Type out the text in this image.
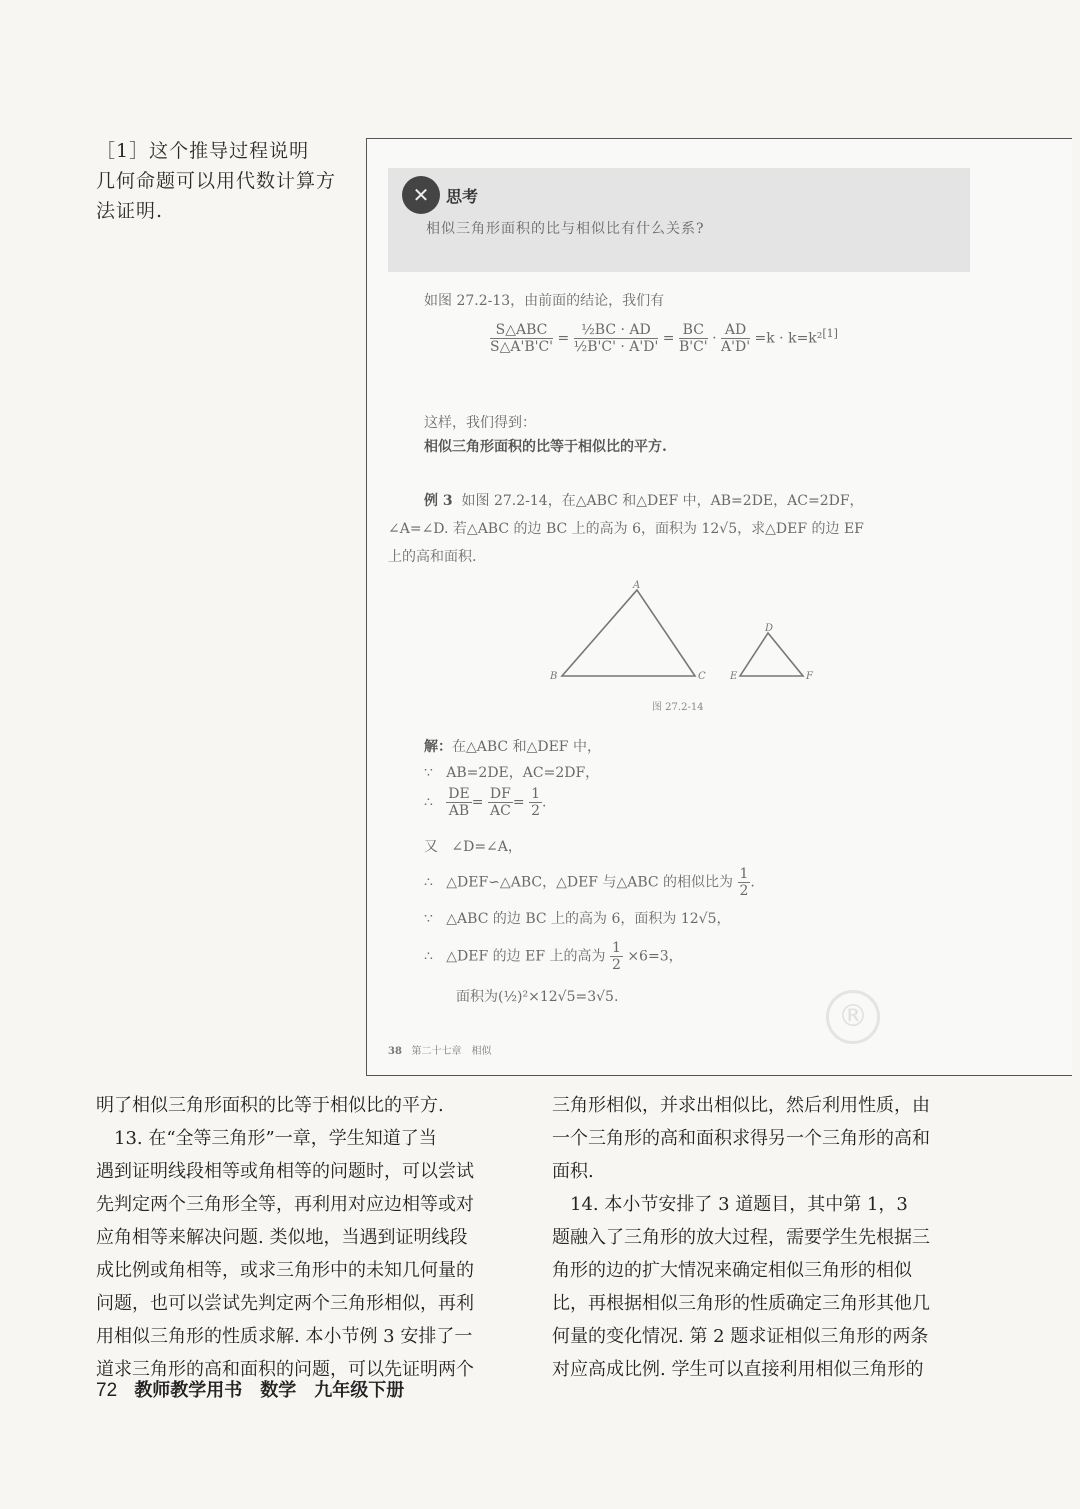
［1］这个推导过程说明
几何命题可以用代数计算方
法证明.
✕	思考
相似三角形面积的比与相似比有什么关系?
如图 27.2-13，由前面的结论，我们有
$\frac{\text{S△ABC}}{S\triangle A'B'C'} = \frac{\text{½BC · AD}}{\text{½B'C' · A'D'}} = \frac{BC}{B'C'} \cdot \frac{AD}{A'D'} =k \cdot k=k^2[1]$
这样，我们得到：
相似三角形面积的比等于相似比的平方.
例 3 如图 27.2-14，在△ABC 和△DEF 中，AB=2DE，AC=2DF，
∠A=∠D. 若△ABC 的边 BC 上的高为 6，面积为 12√5，求△DEF 的边 EF
上的高和面积.
A
B	C
D
E	F
图 27.2-14
解：在△ABC 和△DEF 中，
∵ AB=2DE，AC=2DF，
∴ $\frac{DE}{AB} = \frac{DF}{AC} = \frac{1}{2}$ .
又 ∠D=∠A，
∴ △DEF∽△ABC，△DEF 与△ABC 的相似比为 $\frac{1}{2}$ .
∵ △ABC 的边 BC 上的高为 6，面积为 12√5，
∴ △DEF 的边 EF 上的高为 $\frac{1}{2} \times 6=3$，
面积为(½)²×12√5=3√5.
38 第二十七章　相似
®
明了相似三角形面积的比等于相似比的平方.
　13. 在“全等三角形”一章，学生知道了当
遇到证明线段相等或角相等的问题时，可以尝试
先判定两个三角形全等，再利用对应边相等或对
应角相等来解决问题. 类似地，当遇到证明线段
成比例或角相等，或求三角形中的未知几何量的
问题，也可以尝试先判定两个三角形相似，再利
用相似三角形的性质求解. 本小节例 3 安排了一
道求三角形的高和面积的问题，可以先证明两个
三角形相似，并求出相似比，然后利用性质，由
一个三角形的高和面积求得另一个三角形的高和
面积.
　14. 本小节安排了 3 道题目，其中第 1，3
题融入了三角形的放大过程，需要学生先根据三
角形的边的扩大情况来确定相似三角形的相似
比，再根据相似三角形的性质确定三角形其他几
何量的变化情况. 第 2 题求证相似三角形的两条
对应高成比例. 学生可以直接利用相似三角形的
72 教师教学用书　数学　九年级下册
